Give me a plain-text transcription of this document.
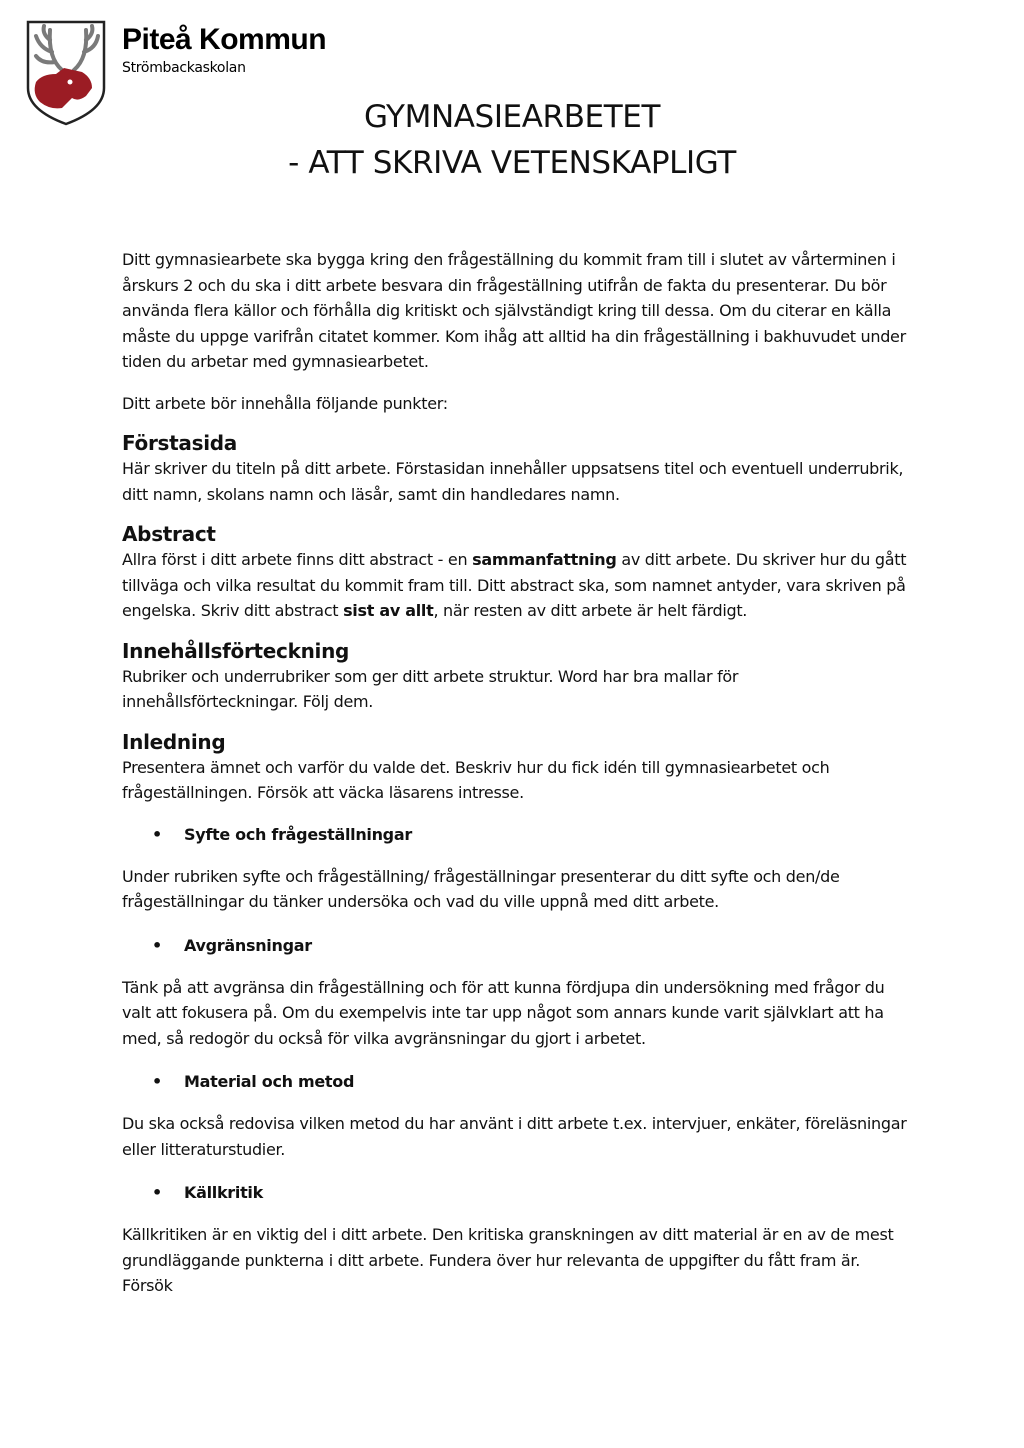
Piteå Kommun
Strömbackaskolan
GYMNASIEARBETET
- ATT SKRIVA VETENSKAPLIGT

Ditt gymnasiearbete ska bygga kring den frågeställning du kommit fram till i slutet av vårterminen i årskurs 2 och du ska i ditt arbete besvara din frågeställning utifrån de fakta du presenterar. Du bör använda flera källor och förhålla dig kritiskt och självständigt kring till dessa. Om du citerar en källa måste du uppge varifrån citatet kommer. Kom ihåg att alltid ha din frågeställning i bakhuvudet under tiden du arbetar med gymnasiearbetet.

Ditt arbete bör innehålla följande punkter:

Förstasida

Här skriver du titeln på ditt arbete. Förstasidan innehåller uppsatsens titel och eventuell underrubrik, ditt namn, skolans namn och läsår, samt din handledares namn.

Abstract

Allra först i ditt arbete finns ditt abstract - en sammanfattning av ditt arbete. Du skriver hur du gått tillväga och vilka resultat du kommit fram till. Ditt abstract ska, som namnet antyder, vara skriven på engelska. Skriv ditt abstract sist av allt, när resten av ditt arbete är helt färdigt.

Innehållsförteckning

Rubriker och underrubriker som ger ditt arbete struktur. Word har bra mallar för innehållsförteckningar. Följ dem.

Inledning

Presentera ämnet och varför du valde det. Beskriv hur du fick idén till gymnasiearbetet och frågeställningen. Försök att väcka läsarens intresse.

• Syfte och frågeställningar

Under rubriken syfte och frågeställning/ frågeställningar presenterar du ditt syfte och den/de frågeställningar du tänker undersöka och vad du ville uppnå med ditt arbete.

• Avgränsningar

Tänk på att avgränsa din frågeställning och för att kunna fördjupa din undersökning med frågor du valt att fokusera på. Om du exempelvis inte tar upp något som annars kunde varit självklart att ha med, så redogör du också för vilka avgränsningar du gjort i arbetet.

• Material och metod

Du ska också redovisa vilken metod du har använt i ditt arbete t.ex. intervjuer, enkäter, föreläsningar eller litteraturstudier.

• Källkritik

Källkritiken är en viktig del i ditt arbete. Den kritiska granskningen av ditt material är en av de mest grundläggande punkterna i ditt arbete. Fundera över hur relevanta de uppgifter du fått fram är. Försök
